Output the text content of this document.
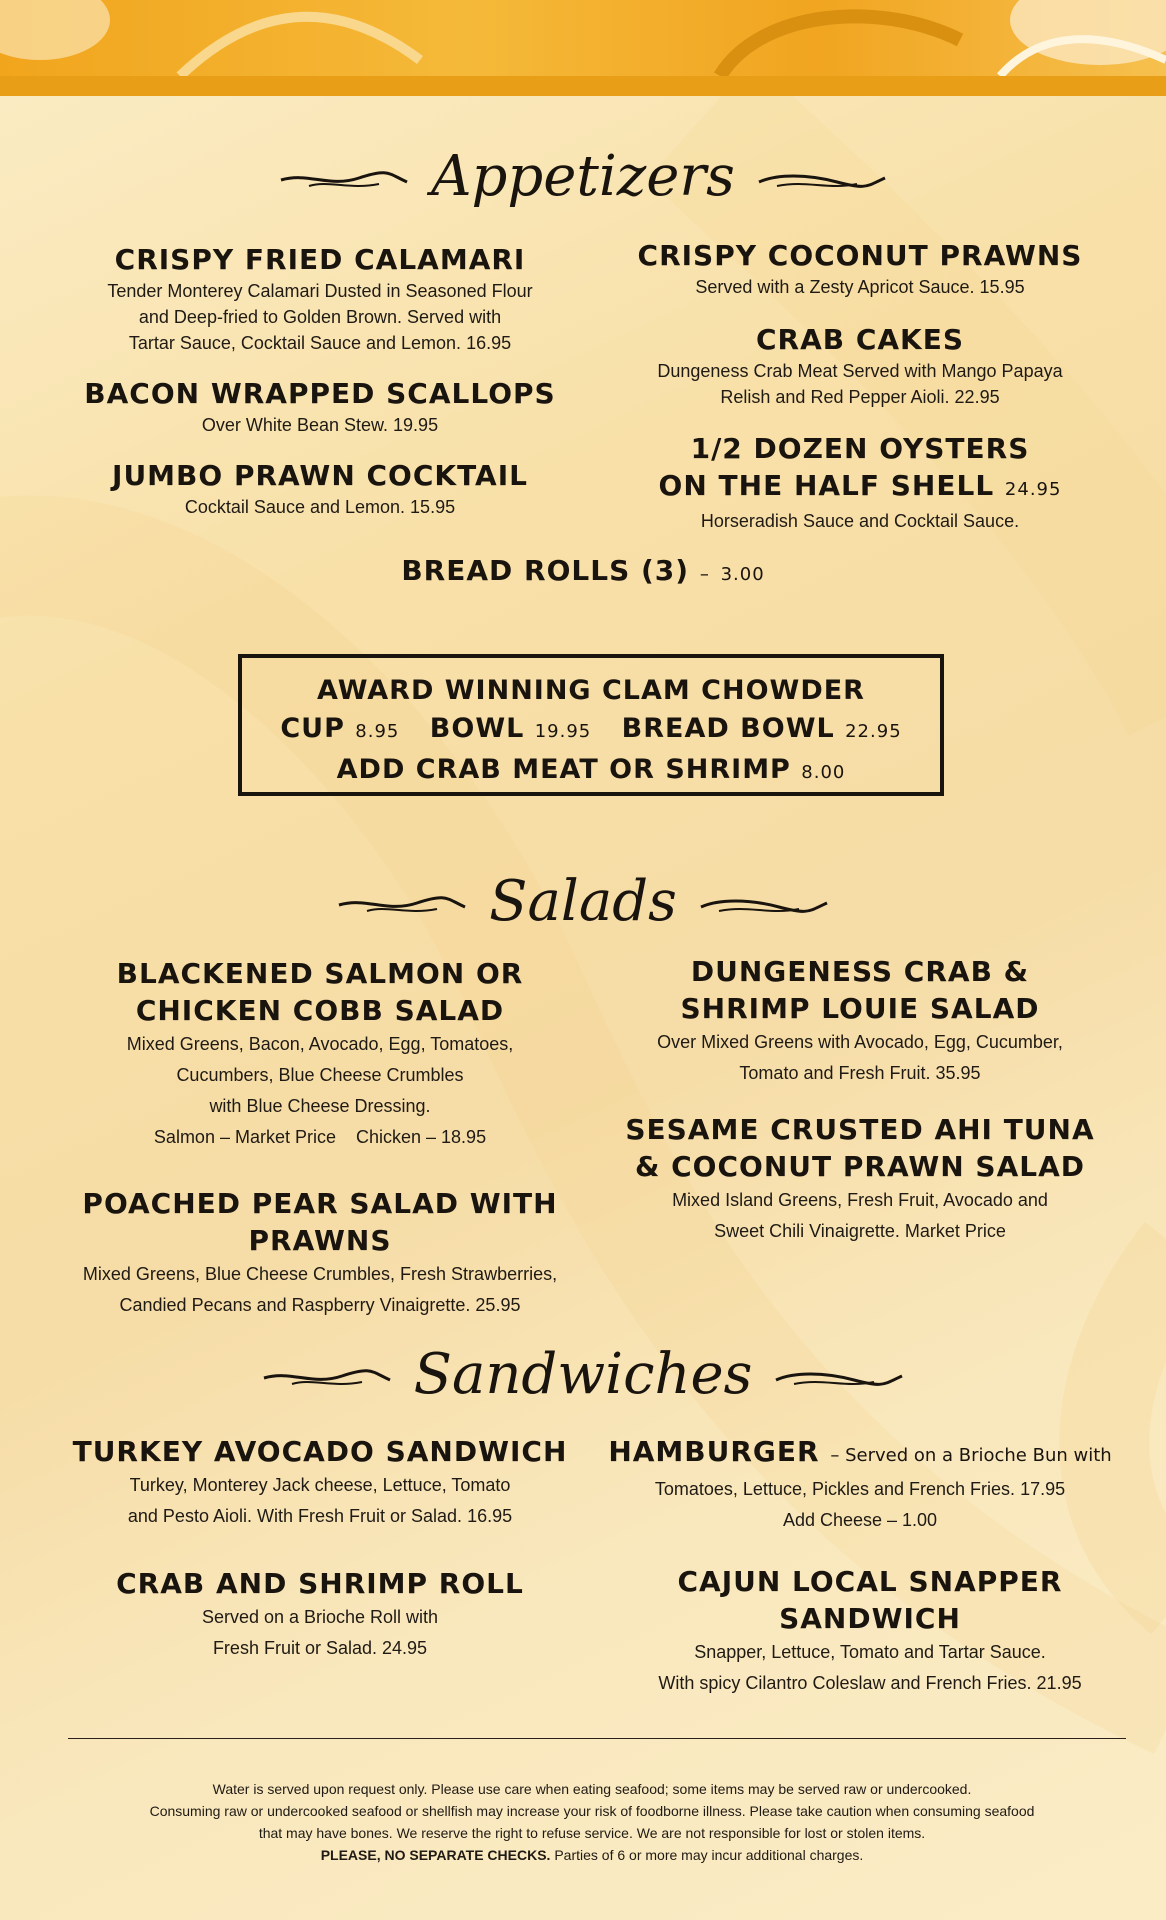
Appetizers
CRISPY FRIED CALAMARI
Tender Monterey Calamari Dusted in Seasoned Flour
and Deep-fried to Golden Brown. Served with
Tartar Sauce, Cocktail Sauce and Lemon. 16.95
BACON WRAPPED SCALLOPS
Over White Bean Stew. 19.95
JUMBO PRAWN COCKTAIL
Cocktail Sauce and Lemon. 15.95
CRISPY COCONUT PRAWNS
Served with a Zesty Apricot Sauce. 15.95
CRAB CAKES
Dungeness Crab Meat Served with Mango Papaya
Relish and Red Pepper Aioli. 22.95
1/2 DOZEN OYSTERS
ON THE HALF SHELL 24.95
Horseradish Sauce and Cocktail Sauce.
BREAD ROLLS (3) – 3.00
AWARD WINNING CLAM CHOWDER
CUP 8.95 BOWL 19.95 BREAD BOWL 22.95
ADD CRAB MEAT OR SHRIMP 8.00
Salads
BLACKENED SALMON OR
CHICKEN COBB SALAD
Mixed Greens, Bacon, Avocado, Egg, Tomatoes,
Cucumbers, Blue Cheese Crumbles
with Blue Cheese Dressing.
Salmon – Market Price    Chicken – 18.95
POACHED PEAR SALAD WITH PRAWNS
Mixed Greens, Blue Cheese Crumbles, Fresh Strawberries,
Candied Pecans and Raspberry Vinaigrette. 25.95
DUNGENESS CRAB &
SHRIMP LOUIE SALAD
Over Mixed Greens with Avocado, Egg, Cucumber,
Tomato and Fresh Fruit. 35.95
SESAME CRUSTED AHI TUNA
& COCONUT PRAWN SALAD
Mixed Island Greens, Fresh Fruit, Avocado and
Sweet Chili Vinaigrette. Market Price
Sandwiches
TURKEY AVOCADO SANDWICH
Turkey, Monterey Jack cheese, Lettuce, Tomato
and Pesto Aioli. With Fresh Fruit or Salad. 16.95
CRAB AND SHRIMP ROLL
Served on a Brioche Roll with
Fresh Fruit or Salad. 24.95
HAMBURGER – Served on a Brioche Bun with
Tomatoes, Lettuce, Pickles and French Fries. 17.95
Add Cheese – 1.00
CAJUN LOCAL SNAPPER SANDWICH
Snapper, Lettuce, Tomato and Tartar Sauce.
With spicy Cilantro Coleslaw and French Fries. 21.95
Water is served upon request only. Please use care when eating seafood; some items may be served raw or undercooked.
Consuming raw or undercooked seafood or shellfish may increase your risk of foodborne illness. Please take caution when consuming seafood
that may have bones. We reserve the right to refuse service. We are not responsible for lost or stolen items.
PLEASE, NO SEPARATE CHECKS. Parties of 6 or more may incur additional charges.
